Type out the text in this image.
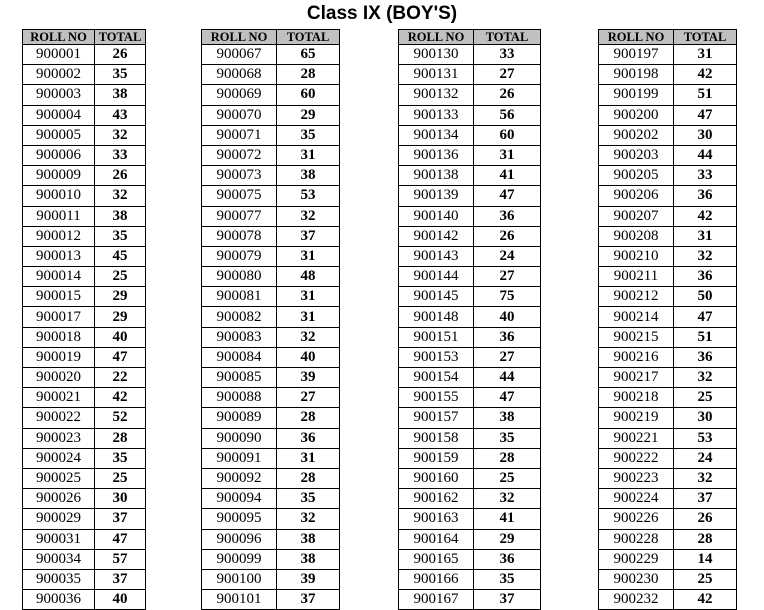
Class IX (BOY'S)
ROLL NO	TOTAL
900001	26
900002	35
900003	38
900004	43
900005	32
900006	33
900009	26
900010	32
900011	38
900012	35
900013	45
900014	25
900015	29
900017	29
900018	40
900019	47
900020	22
900021	42
900022	52
900023	28
900024	35
900025	25
900026	30
900029	37
900031	47
900034	57
900035	37
900036	40
ROLL NO	TOTAL
900067	65
900068	28
900069	60
900070	29
900071	35
900072	31
900073	38
900075	53
900077	32
900078	37
900079	31
900080	48
900081	31
900082	31
900083	32
900084	40
900085	39
900088	27
900089	28
900090	36
900091	31
900092	28
900094	35
900095	32
900096	38
900099	38
900100	39
900101	37
ROLL NO	TOTAL
900130	33
900131	27
900132	26
900133	56
900134	60
900136	31
900138	41
900139	47
900140	36
900142	26
900143	24
900144	27
900145	75
900148	40
900151	36
900153	27
900154	44
900155	47
900157	38
900158	35
900159	28
900160	25
900162	32
900163	41
900164	29
900165	36
900166	35
900167	37
ROLL NO	TOTAL
900197	31
900198	42
900199	51
900200	47
900202	30
900203	44
900205	33
900206	36
900207	42
900208	31
900210	32
900211	36
900212	50
900214	47
900215	51
900216	36
900217	32
900218	25
900219	30
900221	53
900222	24
900223	32
900224	37
900226	26
900228	28
900229	14
900230	25
900232	42
